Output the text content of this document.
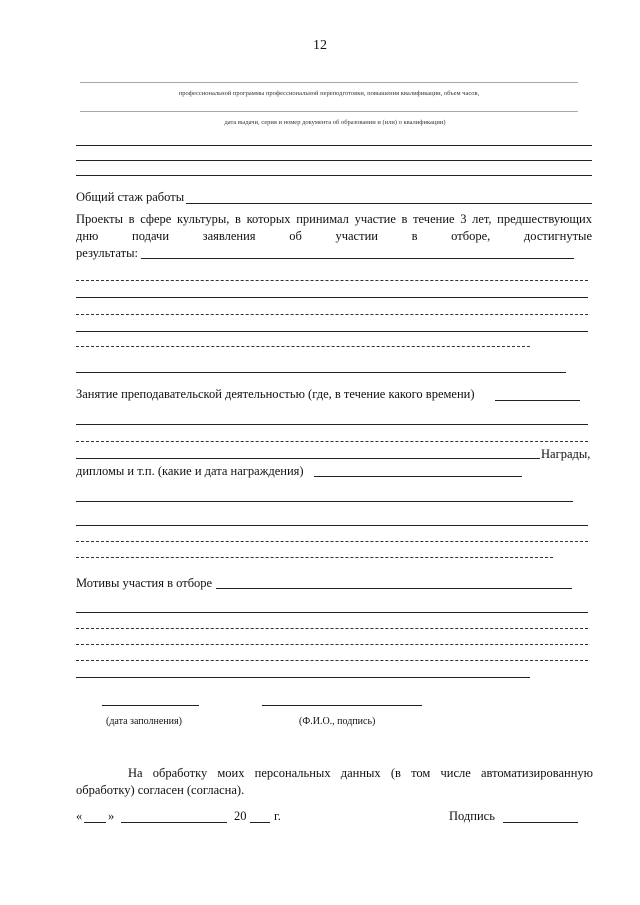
12
профессиональной программы профессиональной переподготовки, повышения квалификации, объем часов,
дата выдачи, серия и номер документа об образовании и (или) о квалификации)
Общий стаж работы
Проекты в сфере культуры, в которых принимал участие в течение 3 лет, предшествующих
дню подачи заявления об участии в отборе, достигнутые
результаты:
Занятие преподавательской деятельностью (где, в течение какого времени)
Награды,
дипломы и т.п. (какие и дата награждения)
Мотивы участия в отборе
(дата заполнения)	(Ф.И.О., подпись)
На обработку моих персональных данных (в том числе автоматизированную
обработку) согласен (согласна).
« »	20 г.	Подпись
